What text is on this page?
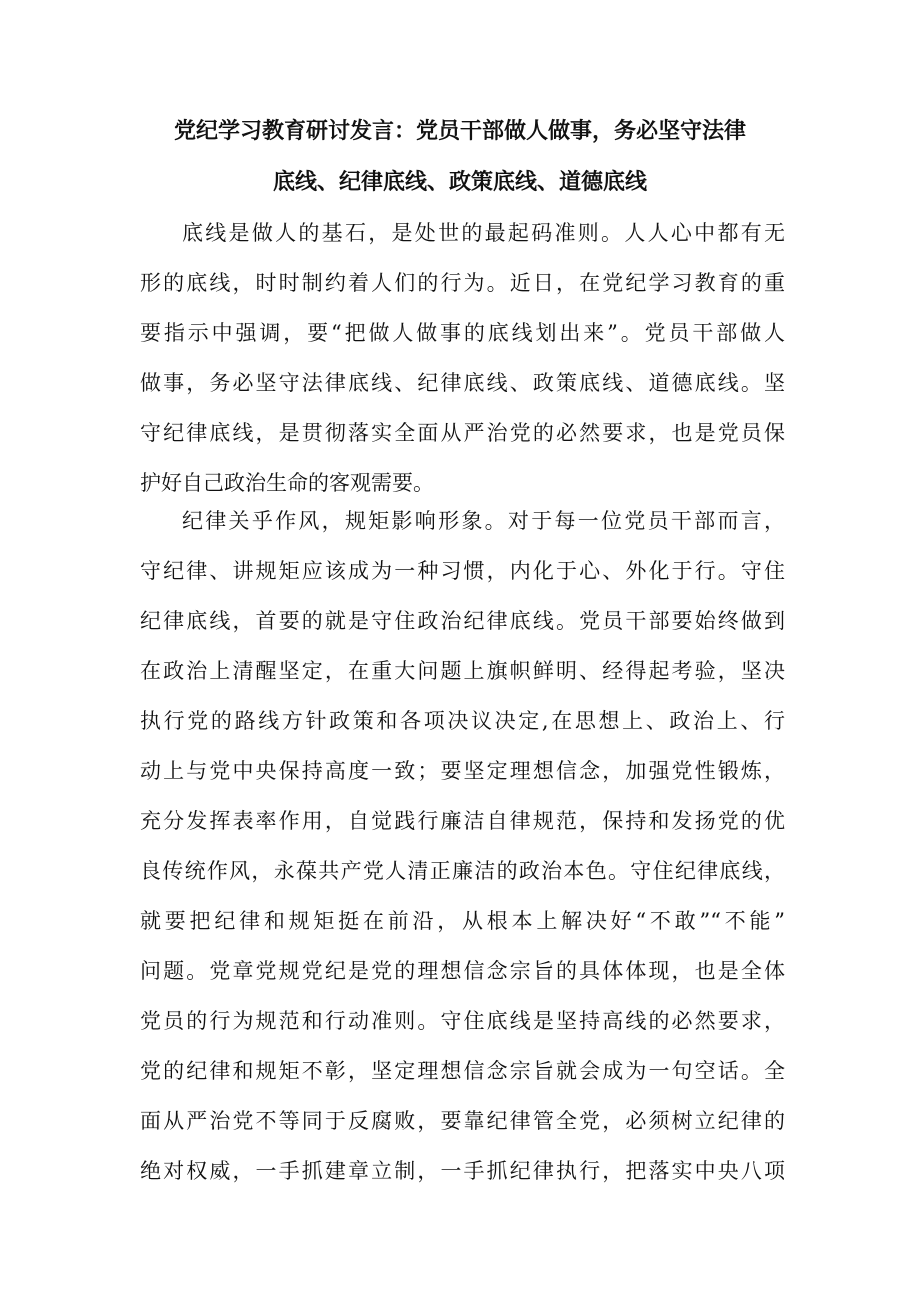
党纪学习教育研讨发言：党员干部做人做事，务必坚守法律
底线、纪律底线、政策底线、道德底线
底线是做人的基石，是处世的最起码准则。人人心中都有无
形的底线，时时制约着人们的行为。近日，在党纪学习教育的重
要指示中强调，要“把做人做事的底线划出来”。党员干部做人
做事，务必坚守法律底线、纪律底线、政策底线、道德底线。坚
守纪律底线，是贯彻落实全面从严治党的必然要求，也是党员保
护好自己政治生命的客观需要。
纪律关乎作风，规矩影响形象。对于每一位党员干部而言，
守纪律、讲规矩应该成为一种习惯，内化于心、外化于行。守住
纪律底线，首要的就是守住政治纪律底线。党员干部要始终做到
在政治上清醒坚定，在重大问题上旗帜鲜明、经得起考验，坚决
执行党的路线方针政策和各项决议决定,在思想上、政治上、行
动上与党中央保持高度一致；要坚定理想信念，加强党性锻炼，
充分发挥表率作用，自觉践行廉洁自律规范，保持和发扬党的优
良传统作风，永葆共产党人清正廉洁的政治本色。守住纪律底线，
就要把纪律和规矩挺在前沿，从根本上解决好“不敢”“不能”
问题。党章党规党纪是党的理想信念宗旨的具体体现，也是全体
党员的行为规范和行动准则。守住底线是坚持高线的必然要求，
党的纪律和规矩不彰，坚定理想信念宗旨就会成为一句空话。全
面从严治党不等同于反腐败，要靠纪律管全党，必须树立纪律的
绝对权威，一手抓建章立制，一手抓纪律执行，把落实中央八项
